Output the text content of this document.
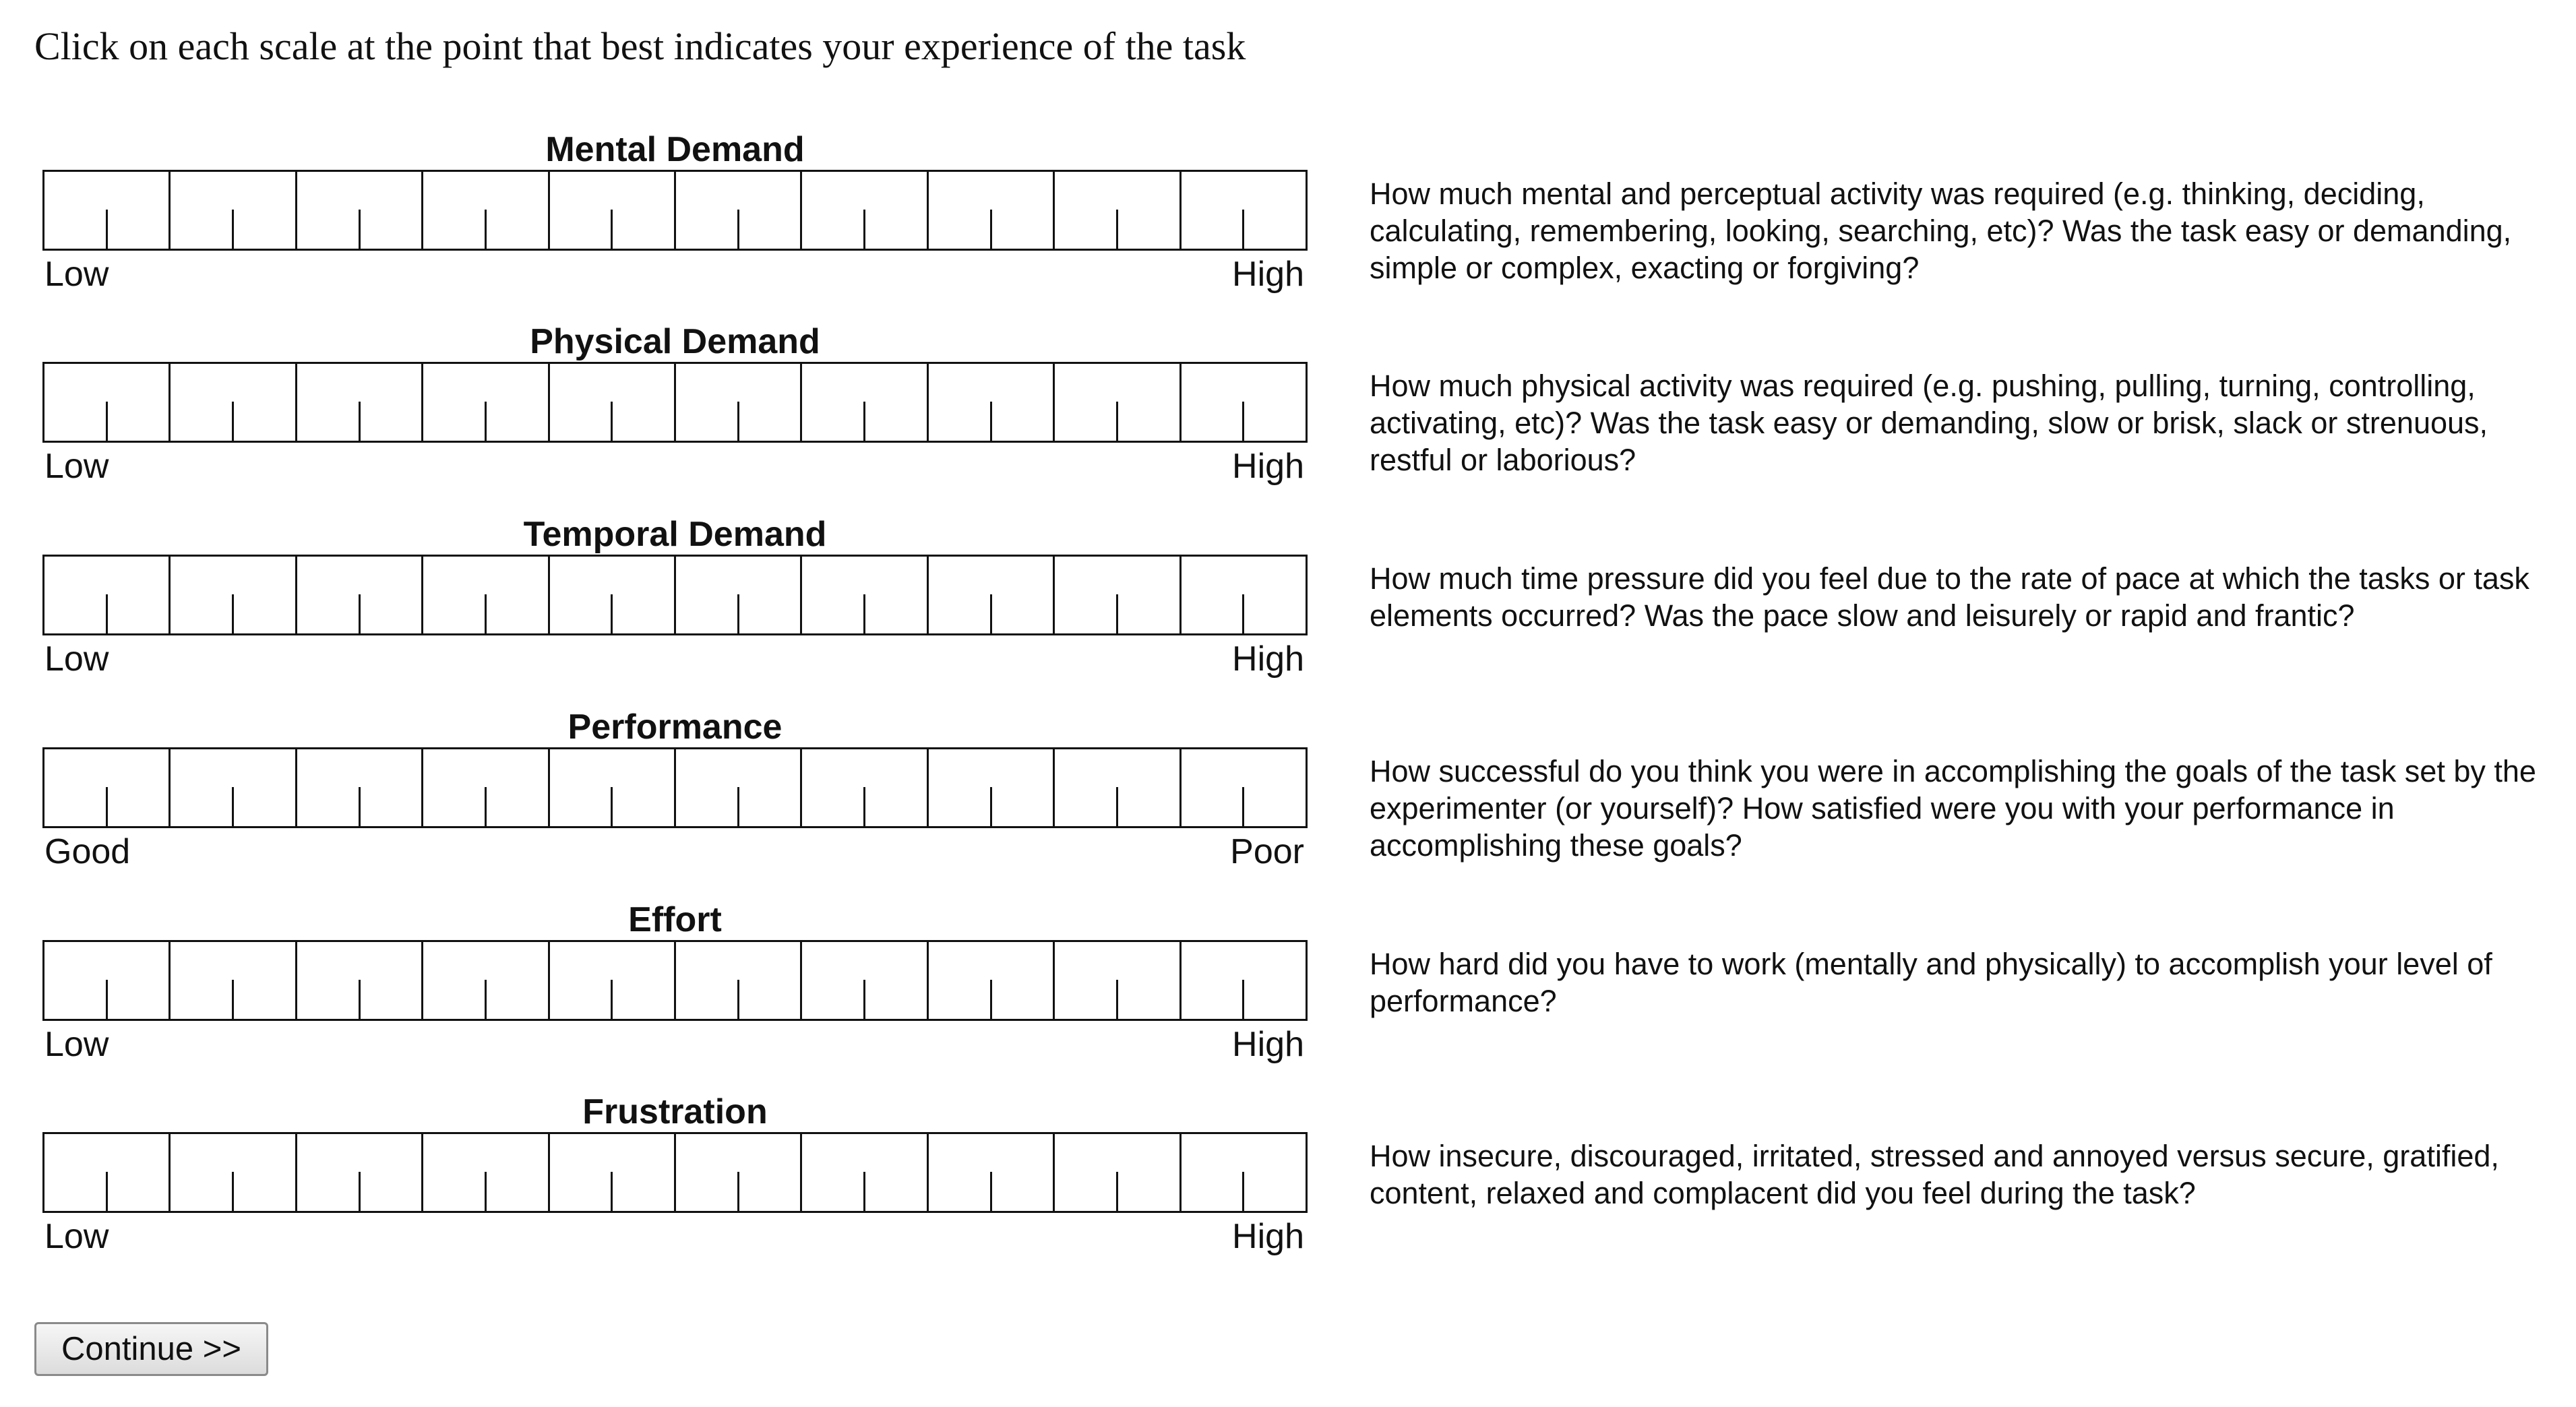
Click on each scale at the point that best indicates your experience of the task
Mental Demand
Low	High
How much mental and perceptual activity was required (e.g. thinking, deciding, calculating, remembering, looking, searching, etc)? Was the task easy or demanding, simple or complex, exacting or forgiving?
Physical Demand
Low	High
How much physical activity was required (e.g. pushing, pulling, turning, controlling, activating, etc)? Was the task easy or demanding, slow or brisk, slack or strenuous, restful or laborious?
Temporal Demand
Low	High
How much time pressure did you feel due to the rate of pace at which the tasks or task elements occurred? Was the pace slow and leisurely or rapid and frantic?
Performance
Good	Poor
How successful do you think you were in accomplishing the goals of the task set by the experimenter (or yourself)? How satisfied were you with your performance in accomplishing these goals?
Effort
Low	High
How hard did you have to work (mentally and physically) to accomplish your level of performance?
Frustration
Low	High
How insecure, discouraged, irritated, stressed and annoyed versus secure, gratified, content, relaxed and complacent did you feel during the task?
Continue >>
